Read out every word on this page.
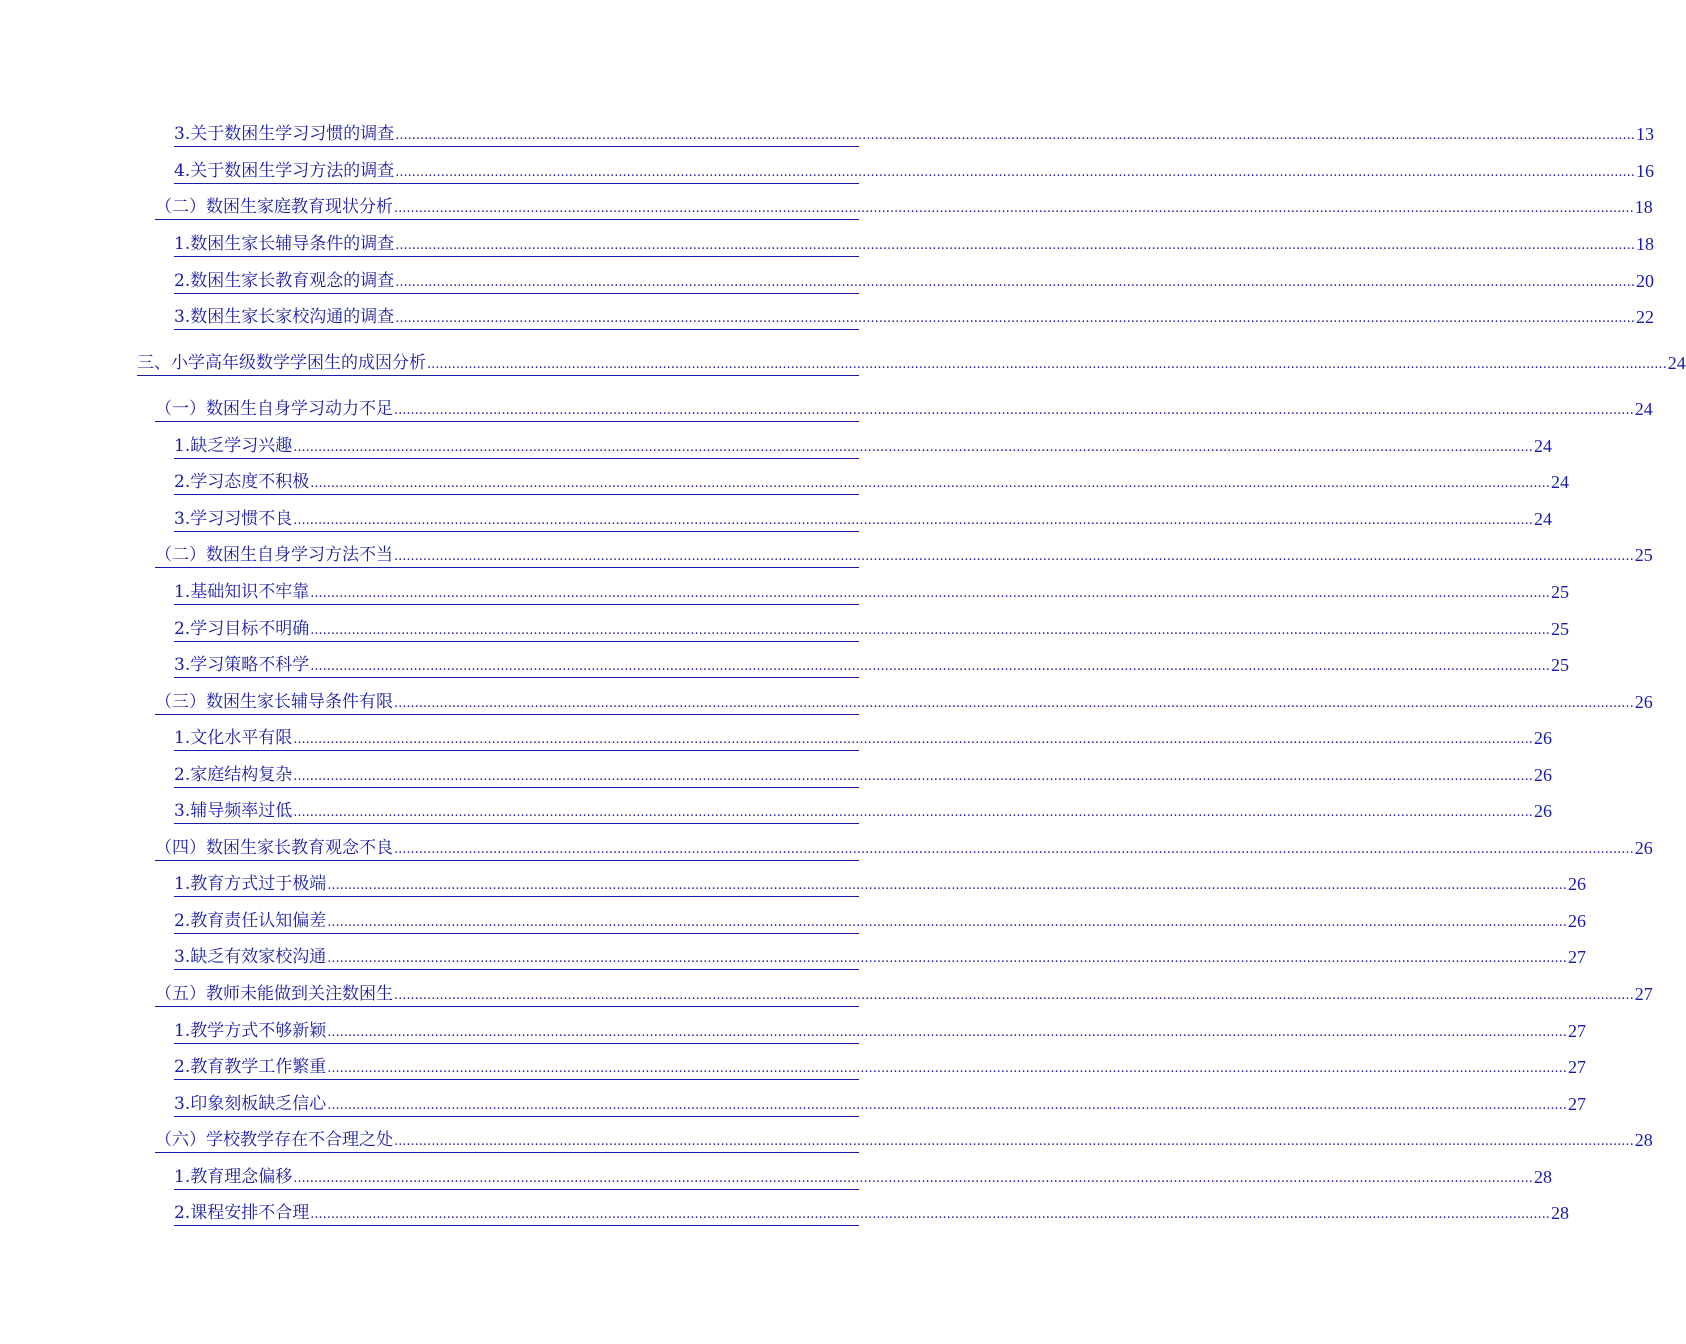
3.关于数困生学习习惯的调查 ............................................................................................................................................................................................................................................................................................................ 13
4.关于数困生学习方法的调查 ............................................................................................................................................................................................................................................................................................................ 16
（二）数困生家庭教育现状分析 ............................................................................................................................................................................................................................................................................................................ 18
1.数困生家长辅导条件的调查 ............................................................................................................................................................................................................................................................................................................ 18
2.数困生家长教育观念的调查 ............................................................................................................................................................................................................................................................................................................ 20
3.数困生家长家校沟通的调查 ............................................................................................................................................................................................................................................................................................................ 22
三、小学高年级数学学困生的成因分析 ............................................................................................................................................................................................................................................................................................................ 24
（一）数困生自身学习动力不足 ............................................................................................................................................................................................................................................................................................................ 24
1.缺乏学习兴趣 ............................................................................................................................................................................................................................................................................................................ 24
2.学习态度不积极 ............................................................................................................................................................................................................................................................................................................ 24
3.学习习惯不良 ............................................................................................................................................................................................................................................................................................................ 24
（二）数困生自身学习方法不当 ............................................................................................................................................................................................................................................................................................................ 25
1.基础知识不牢靠 ............................................................................................................................................................................................................................................................................................................ 25
2.学习目标不明确 ............................................................................................................................................................................................................................................................................................................ 25
3.学习策略不科学 ............................................................................................................................................................................................................................................................................................................ 25
（三）数困生家长辅导条件有限 ............................................................................................................................................................................................................................................................................................................ 26
1.文化水平有限 ............................................................................................................................................................................................................................................................................................................ 26
2.家庭结构复杂 ............................................................................................................................................................................................................................................................................................................ 26
3.辅导频率过低 ............................................................................................................................................................................................................................................................................................................ 26
（四）数困生家长教育观念不良 ............................................................................................................................................................................................................................................................................................................ 26
1.教育方式过于极端 ............................................................................................................................................................................................................................................................................................................ 26
2.教育责任认知偏差 ............................................................................................................................................................................................................................................................................................................ 26
3.缺乏有效家校沟通 ............................................................................................................................................................................................................................................................................................................ 27
（五）教师未能做到关注数困生 ............................................................................................................................................................................................................................................................................................................ 27
1.教学方式不够新颖 ............................................................................................................................................................................................................................................................................................................ 27
2.教育教学工作繁重 ............................................................................................................................................................................................................................................................................................................ 27
3.印象刻板缺乏信心 ............................................................................................................................................................................................................................................................................................................ 27
（六）学校教学存在不合理之处 ............................................................................................................................................................................................................................................................................................................ 28
1.教育理念偏移 ............................................................................................................................................................................................................................................................................................................ 28
2.课程安排不合理 ............................................................................................................................................................................................................................................................................................................ 28
